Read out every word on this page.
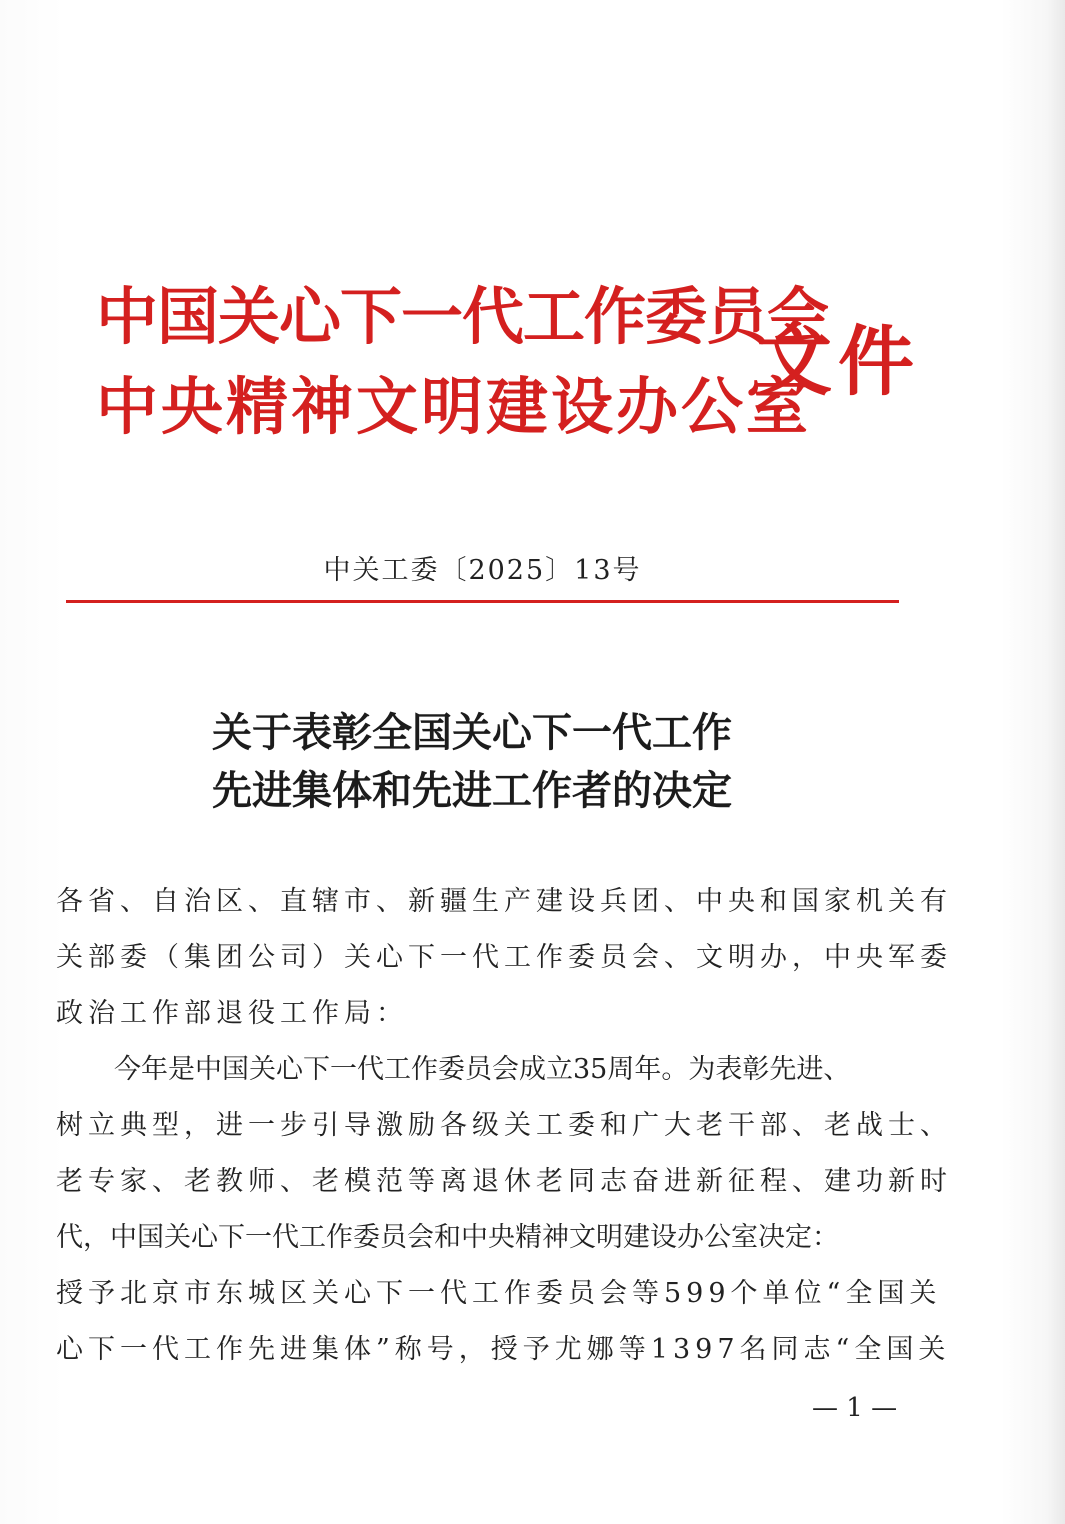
中国关心下一代工作委员会
中央精神文明建设办公室
文件
中关工委〔2025〕13号
关于表彰全国关心下一代工作
先进集体和先进工作者的决定
各省、自治区、直辖市、新疆生产建设兵团、中央和国家机关有
关部委（集团公司）关心下一代工作委员会、文明办，中央军委
政治工作部退役工作局：
今年是中国关心下一代工作委员会成立35周年。为表彰先进、
树立典型，进一步引导激励各级关工委和广大老干部、老战士、
老专家、老教师、老模范等离退休老同志奋进新征程、建功新时
代，中国关心下一代工作委员会和中央精神文明建设办公室决定：
授予北京市东城区关心下一代工作委员会等599个单位“全国关
心下一代工作先进集体”称号，授予尤娜等1397名同志“全国关
— 1 —
